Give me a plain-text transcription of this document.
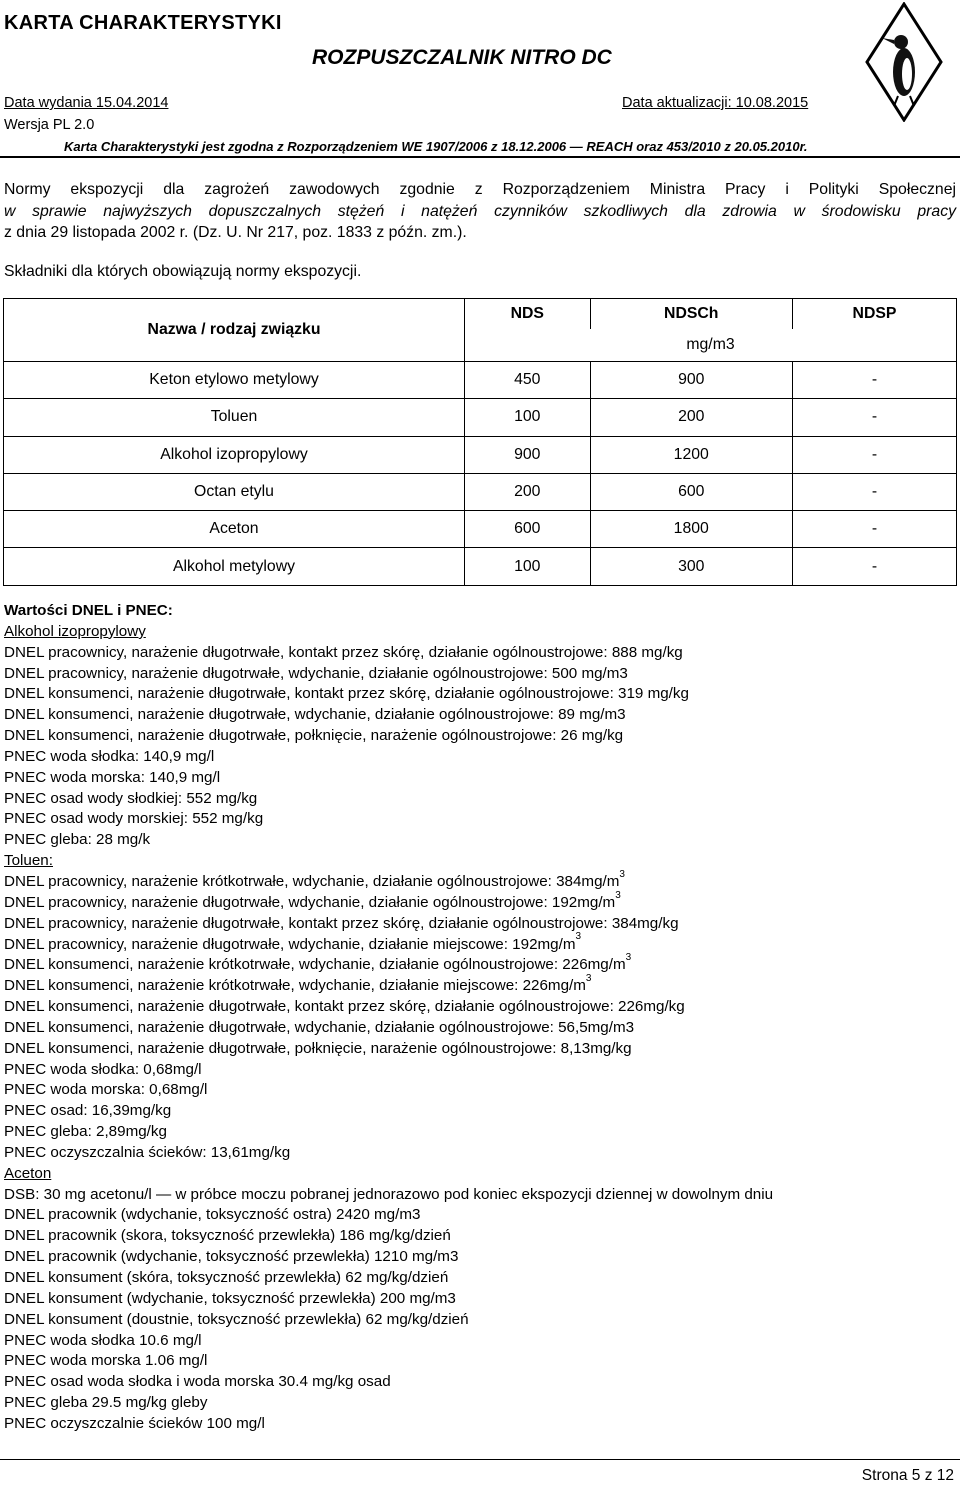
KARTA CHARAKTERYSTYKI
ROZPUSZCZALNIK NITRO DC
Data wydania 15.04.2014	Data aktualizacji: 10.08.2015
Wersja PL 2.0
Karta Charakterystyki jest zgodna z Rozporządzeniem WE 1907/2006 z 18.12.2006 — REACH oraz 453/2010 z 20.05.2010r.
Normy ekspozycji dla zagrożeń zawodowych zgodnie z Rozporządzeniem Ministra Pracy i Polityki Społecznej
w sprawie najwyższych dopuszczalnych stężeń i natężeń czynników szkodliwych dla zdrowia w środowisku pracy
z dnia 29 listopada 2002 r. (Dz. U. Nr 217, poz. 1833 z późn. zm.).
Składniki dla których obowiązują normy ekspozycji.
Nazwa / rodzaj związku	NDS	NDSCh	NDSP
	mg/m3		
Keton etylowo metylowy	450	900	-
Toluen	100	200	-
Alkohol izopropylowy	900	1200	-
Octan etylu	200	600	-
Aceton	600	1800	-
Alkohol metylowy	100	300	-
Wartości DNEL i PNEC:
Alkohol izopropylowy
DNEL pracownicy, narażenie długotrwałe, kontakt przez skórę, działanie ogólnoustrojowe: 888 mg/kg
DNEL pracownicy, narażenie długotrwałe, wdychanie, działanie ogólnoustrojowe: 500 mg/m3
DNEL konsumenci, narażenie długotrwałe, kontakt przez skórę, działanie ogólnoustrojowe: 319 mg/kg
DNEL konsumenci, narażenie długotrwałe, wdychanie, działanie ogólnoustrojowe: 89 mg/m3
DNEL konsumenci, narażenie długotrwałe, połknięcie, narażenie ogólnoustrojowe: 26 mg/kg
PNEC woda słodka: 140,9 mg/l
PNEC woda morska: 140,9 mg/l
PNEC osad wody słodkiej: 552 mg/kg
PNEC osad wody morskiej: 552 mg/kg
PNEC gleba: 28 mg/k
Toluen:
DNEL pracownicy, narażenie krótkotrwałe, wdychanie, działanie ogólnoustrojowe: $384mg/m^3$
DNEL pracownicy, narażenie długotrwałe, wdychanie, działanie ogólnoustrojowe: $192mg/m^3$
DNEL pracownicy, narażenie długotrwałe, kontakt przez skórę, działanie ogólnoustrojowe: 384mg/kg
DNEL pracownicy, narażenie długotrwałe, wdychanie, działanie miejscowe: $192mg/m^3$
DNEL konsumenci, narażenie krótkotrwałe, wdychanie, działanie ogólnoustrojowe: $226mg/m^3$
DNEL konsumenci, narażenie krótkotrwałe, wdychanie, działanie miejscowe: $226mg/m^3$
DNEL konsumenci, narażenie długotrwałe, kontakt przez skórę, działanie ogólnoustrojowe: 226mg/kg
DNEL konsumenci, narażenie długotrwałe, wdychanie, działanie ogólnoustrojowe: 56,5mg/m3
DNEL konsumenci, narażenie długotrwałe, połknięcie, narażenie ogólnoustrojowe: 8,13mg/kg
PNEC woda słodka: 0,68mg/l
PNEC woda morska: 0,68mg/l
PNEC osad: 16,39mg/kg
PNEC gleba: 2,89mg/kg
PNEC oczyszczalnia ścieków: 13,61mg/kg
Aceton
DSB: 30 mg acetonu/l — w próbce moczu pobranej jednorazowo pod koniec ekspozycji dziennej w dowolnym dniu
DNEL pracownik (wdychanie, toksyczność ostra) 2420 mg/m3
DNEL pracownik (skora, toksyczność przewlekła) 186 mg/kg/dzień
DNEL pracownik (wdychanie, toksyczność przewlekła) 1210 mg/m3
DNEL konsument (skóra, toksyczność przewlekła) 62 mg/kg/dzień
DNEL konsument (wdychanie, toksyczność przewlekła) 200 mg/m3
DNEL konsument (doustnie, toksyczność przewlekła) 62 mg/kg/dzień
PNEC woda słodka 10.6 mg/l
PNEC woda morska 1.06 mg/l
PNEC osad woda słodka i woda morska 30.4 mg/kg osad
PNEC gleba 29.5 mg/kg gleby
PNEC oczyszczalnie ścieków 100 mg/l
Strona 5 z 12
